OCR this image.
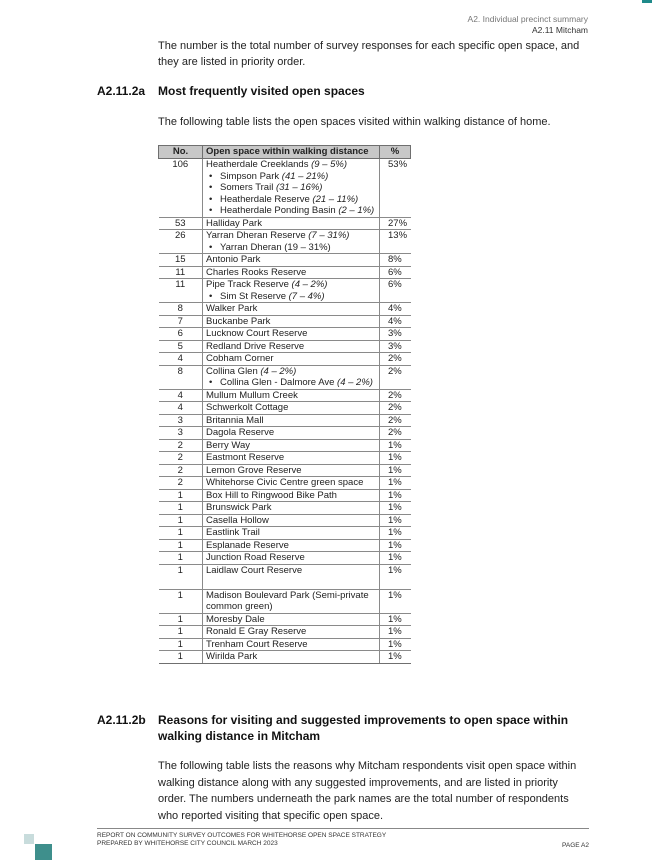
A2. Individual precinct summary
A2.11 Mitcham
The number is the total number of survey responses for each specific open space, and they are listed in priority order.
A2.11.2a Most frequently visited open spaces
The following table lists the open spaces visited within walking distance of home.
No.	Open space within walking distance	%
106	Heatherdale Creeklands (9 – 5%)
• Simpson Park (41 – 21%)
• Somers Trail (31 – 16%)
• Heatherdale Reserve (21 – 11%)
• Heatherdale Ponding Basin (2 – 1%)	53%
53	Halliday Park	27%
26	Yarran Dheran Reserve (7 – 31%)
• Yarran Dheran (19 – 31%)	13%
15	Antonio Park	8%
11	Charles Rooks Reserve	6%
11	Pipe Track Reserve (4 – 2%)
• Sim St Reserve (7 – 4%)	6%
8	Walker Park	4%
7	Buckanbe Park	4%
6	Lucknow Court Reserve	3%
5	Redland Drive Reserve	3%
4	Cobham Corner	2%
8	Collina Glen (4 – 2%)
• Collina Glen - Dalmore Ave (4 – 2%)	2%
4	Mullum Mullum Creek	2%
4	Schwerkolt Cottage	2%
3	Britannia Mall	2%
3	Dagola Reserve	2%
2	Berry Way	1%
2	Eastmont Reserve	1%
2	Lemon Grove Reserve	1%
2	Whitehorse Civic Centre green space	1%
1	Box Hill to Ringwood Bike Path	1%
1	Brunswick Park	1%
1	Casella Hollow	1%
1	Eastlink Trail	1%
1	Esplanade Reserve	1%
1	Junction Road Reserve	1%
1	Laidlaw Court Reserve	1%
1	Madison Boulevard Park (Semi-private common green)	1%
1	Moresby Dale	1%
1	Ronald E Gray Reserve	1%
1	Trenham Court Reserve	1%
1	Wirilda Park	1%
A2.11.2b Reasons for visiting and suggested improvements to open space within walking distance in Mitcham
The following table lists the reasons why Mitcham respondents visit open space within walking distance along with any suggested improvements, and are listed in priority order. The numbers underneath the park names are the total number of respondents who reported visiting that specific open space.
REPORT ON COMMUNITY SURVEY OUTCOMES FOR WHITEHORSE OPEN SPACE STRATEGY
PREPARED BY WHITEHORSE CITY COUNCIL MARCH 2023	PAGE A2
